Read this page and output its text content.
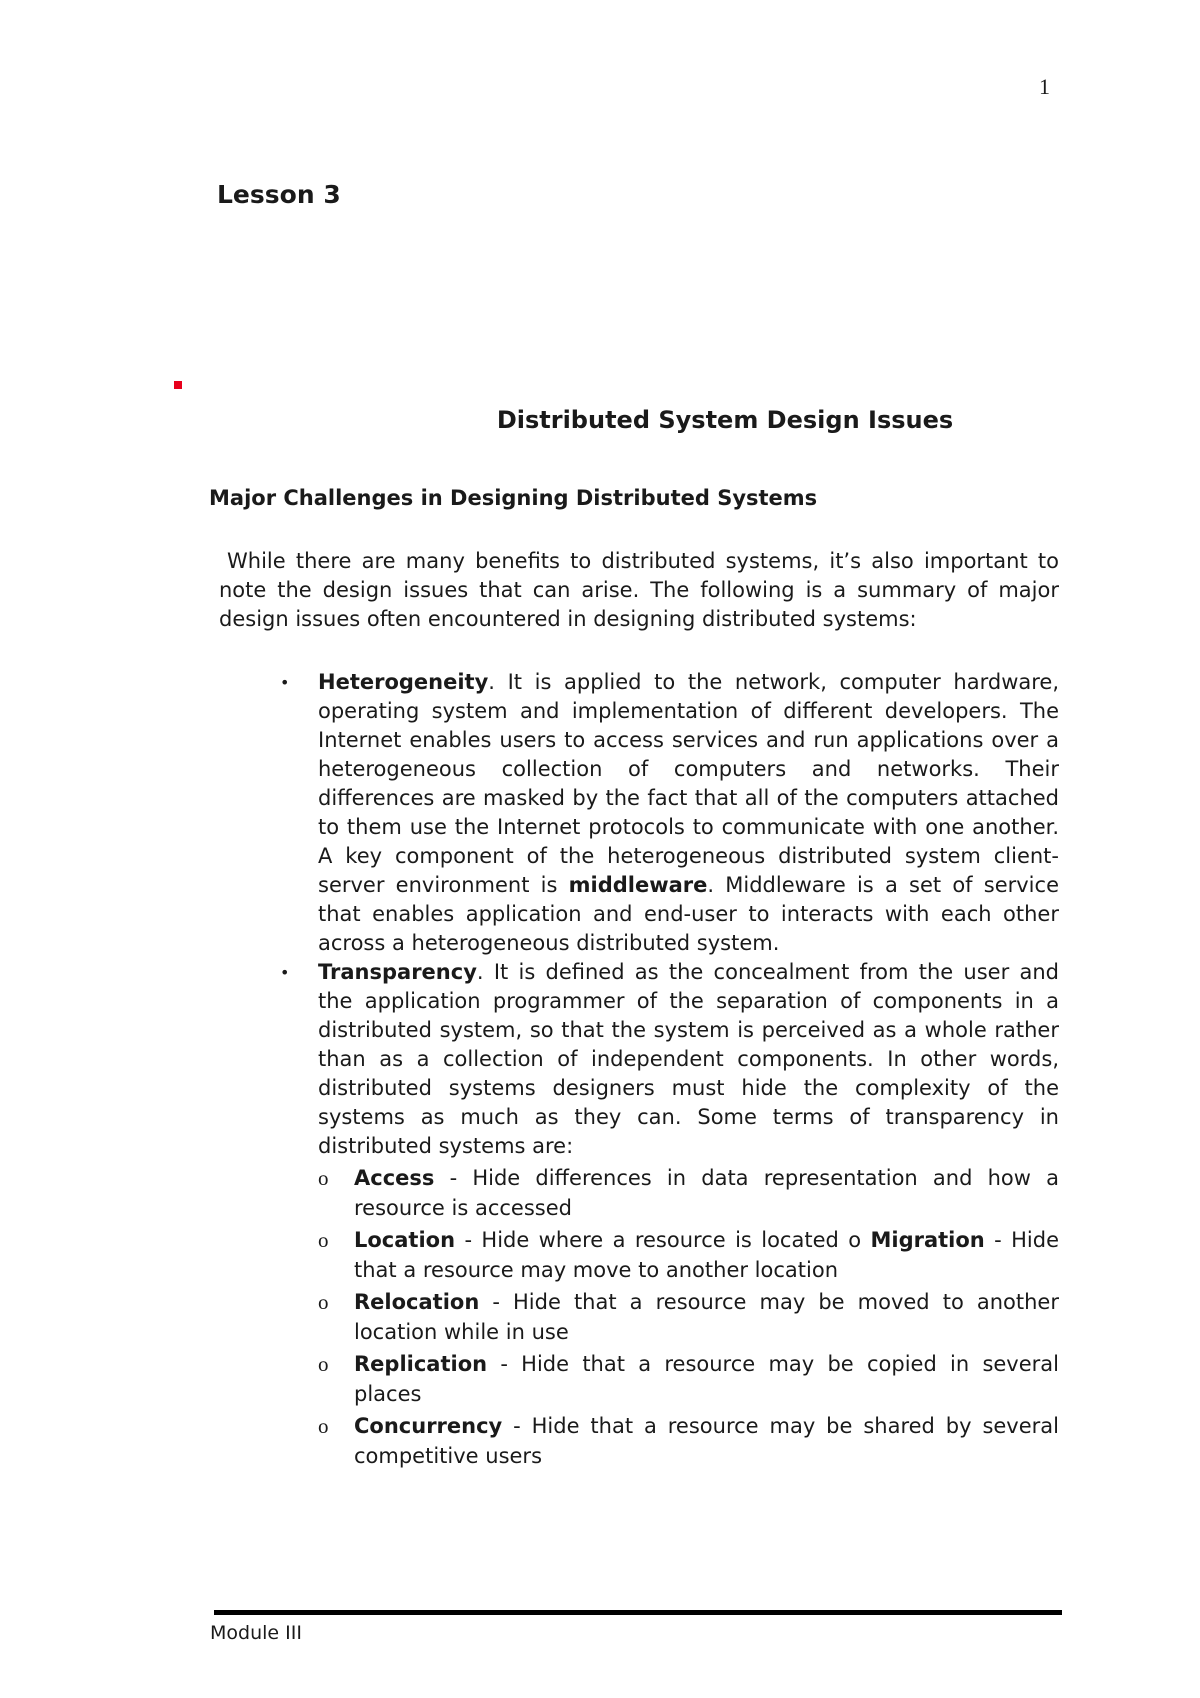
1
Lesson 3
Distributed System Design Issues
Major Challenges in Designing Distributed Systems
While there are many benefits to distributed systems, it’s also important to note the design issues that can arise. The following is a summary of major design issues often encountered in designing distributed systems:
• Heterogeneity. It is applied to the network, computer hardware, operating system and implementation of different developers. The Internet enables users to access services and run applications over a heterogeneous collection of computers and networks. Their differences are masked by the fact that all of the computers attached to them use the Internet protocols to communicate with one another. A key component of the heterogeneous distributed system client-server environment is middleware. Middleware is a set of service that enables application and end-user to interacts with each other across a heterogeneous distributed system.
• Transparency. It is defined as the concealment from the user and the application programmer of the separation of components in a distributed system, so that the system is perceived as a whole rather than as a collection of independent components. In other words, distributed systems designers must hide the complexity of the systems as much as they can. Some terms of transparency in distributed systems are:
o Access - Hide differences in data representation and how a resource is accessed
o Location - Hide where a resource is located o Migration - Hide that a resource may move to another location
o Relocation - Hide that a resource may be moved to another location while in use
o Replication - Hide that a resource may be copied in several places
o Concurrency - Hide that a resource may be shared by several competitive users
Module III
